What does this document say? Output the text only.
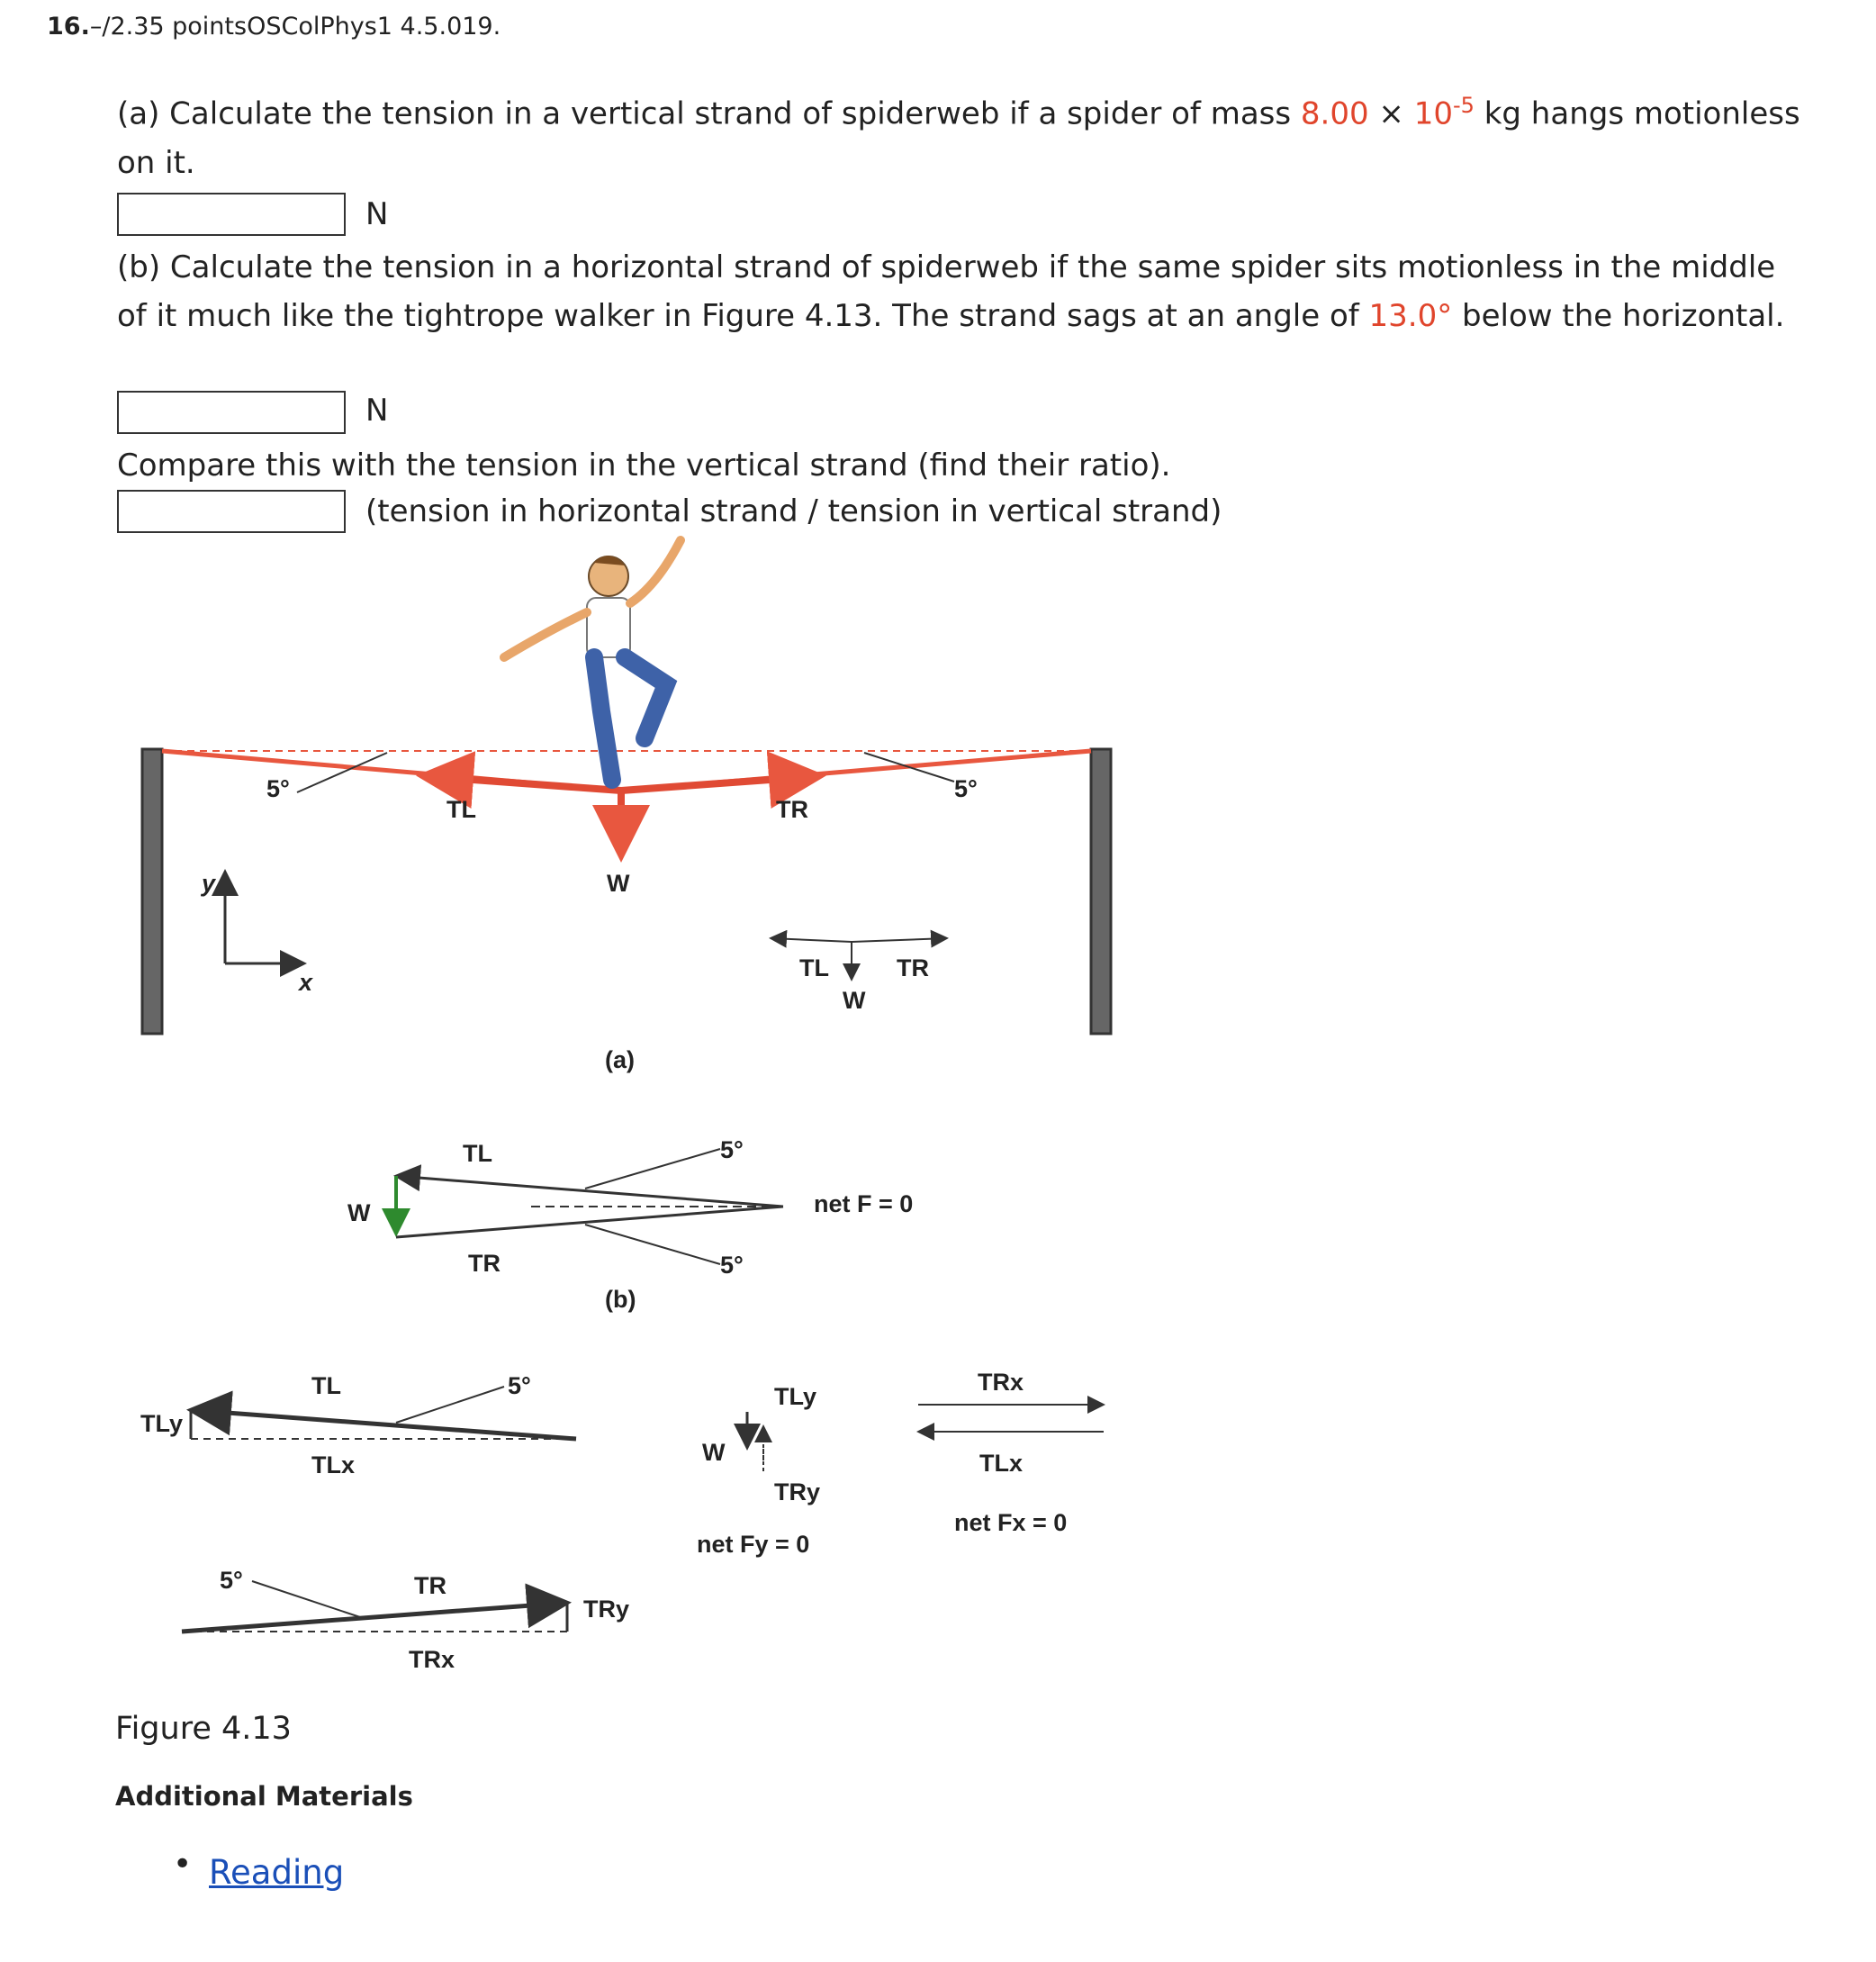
16.–/2.35 pointsOSColPhys1 4.5.019.
(a) Calculate the tension in a vertical strand of spiderweb if a spider of mass $8.00 \times 10^{-5}$ kg hangs motionless on it.
N
(b) Calculate the tension in a horizontal strand of spiderweb if the same spider sits motionless in the middle of it much like the tightrope walker in Figure 4.13. The strand sags at an angle of 13.0° below the horizontal.
N
Compare this with the tension in the vertical strand (find their ratio).
(tension in horizontal strand / tension in vertical strand)
5°	5°
TL	TR
W
y
x
TL	TR
W
(a)
TL
W
TR
5°
5°
net F = 0
(b)
TL
TLy
TLx
5°
5°	TR
TRy
TRx
TLy
W
TRy
net Fy = 0
TRx
TLx
net Fx = 0
Figure 4.13
Additional Materials
• Reading
